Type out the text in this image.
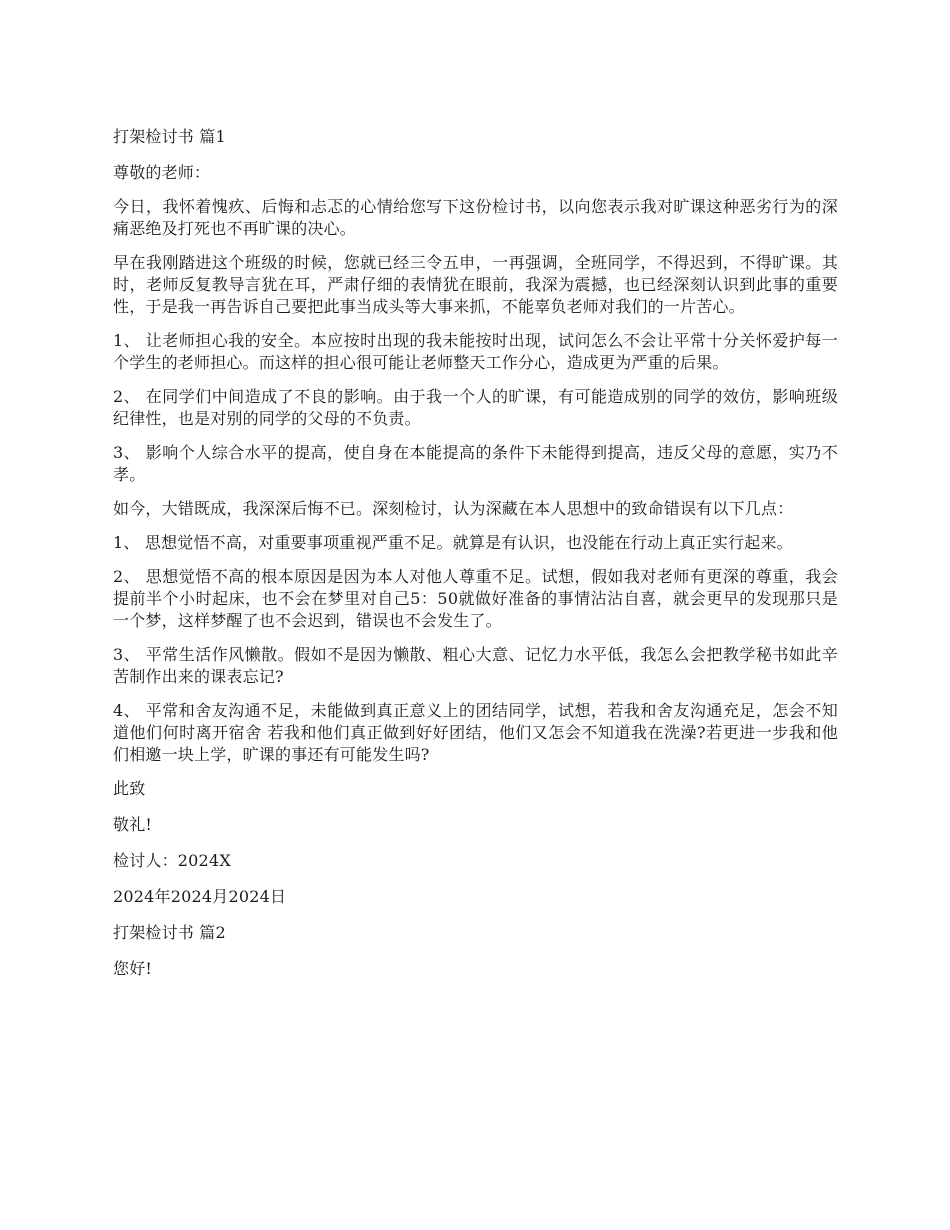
打架检讨书 篇1

尊敬的老师：

今日，我怀着愧疚、后悔和忐忑的心情给您写下这份检讨书，以向您表示我对旷课这种恶劣行为的深痛恶绝及打死也不再旷课的决心。

早在我刚踏进这个班级的时候，您就已经三令五申，一再强调，全班同学，不得迟到，不得旷课。其时，老师反复教导言犹在耳，严肃仔细的表情犹在眼前，我深为震撼，也已经深刻认识到此事的重要性，于是我一再告诉自己要把此事当成头等大事来抓，不能辜负老师对我们的一片苦心。

1、 让老师担心我的安全。本应按时出现的我未能按时出现，试问怎么不会让平常十分关怀爱护每一个学生的老师担心。而这样的担心很可能让老师整天工作分心，造成更为严重的后果。

2、 在同学们中间造成了不良的影响。由于我一个人的旷课，有可能造成别的同学的效仿，影响班级纪律性，也是对别的同学的父母的不负责。

3、 影响个人综合水平的提高，使自身在本能提高的条件下未能得到提高，违反父母的意愿，实乃不孝。

如今，大错既成，我深深后悔不已。深刻检讨，认为深藏在本人思想中的致命错误有以下几点：

1、 思想觉悟不高，对重要事项重视严重不足。就算是有认识，也没能在行动上真正实行起来。

2、 思想觉悟不高的根本原因是因为本人对他人尊重不足。试想，假如我对老师有更深的尊重，我会提前半个小时起床，也不会在梦里对自己5：50就做好准备的事情沾沾自喜，就会更早的发现那只是一个梦，这样梦醒了也不会迟到，错误也不会发生了。

3、 平常生活作风懒散。假如不是因为懒散、粗心大意、记忆力水平低，我怎么会把教学秘书如此辛苦制作出来的课表忘记?

4、 平常和舍友沟通不足，未能做到真正意义上的团结同学，试想，若我和舍友沟通充足，怎会不知道他们何时离开宿舍 若我和他们真正做到好好团结，他们又怎会不知道我在洗澡?若更进一步我和他们相邀一块上学，旷课的事还有可能发生吗?

此致

敬礼!

检讨人：2024X

2024年2024月2024日

打架检讨书 篇2

您好!
